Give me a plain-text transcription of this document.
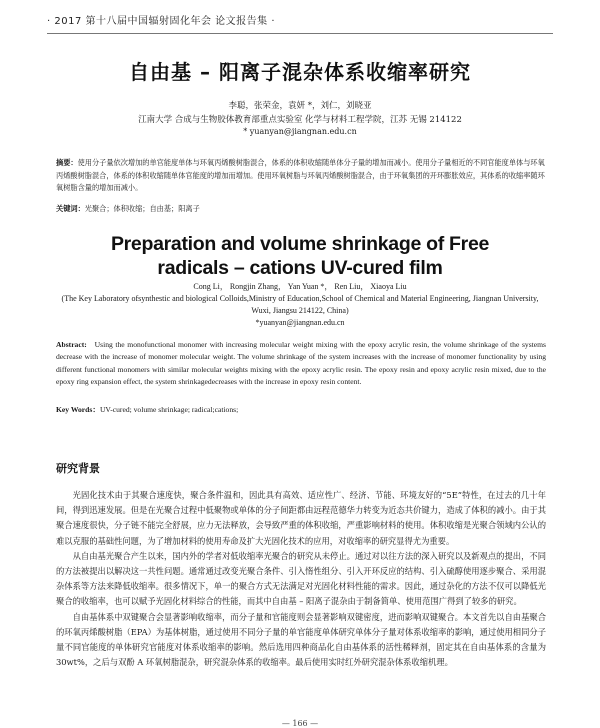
· 2017 第十八届中国辐射固化年会 论文报告集 ·
自由基 – 阳离子混杂体系收缩率研究
李聪，张荣金，袁妍 *，刘仁，刘晓亚
江南大学 合成与生物胶体教育部重点实验室 化学与材料工程学院，江苏 无锡 214122
* yuanyan@jiangnan.edu.cn
摘要：使用分子量依次增加的单官能度单体与环氧丙烯酸树脂混合，体系的体积收缩随单体分子量的增加而减小。使用分子量相近的不同官能度单体与环氧丙烯酸树脂混合，体系的体积收缩随单体官能度的增加而增加。使用环氧树脂与环氧丙烯酸树脂混合，由于环氧集团的开环膨胀效应，其体系的收缩率随环氧树脂含量的增加而减小。
关键词：光聚合；体积收缩；自由基；阳离子
Preparation and volume shrinkage of Free
radicals – cations UV-cured film
Cong Li， Rongjin Zhang， Yan Yuan *， Ren Liu， Xiaoya Liu
(The Key Laboratory ofsynthestic and biological Colloids,Ministry of Education,School of Chemical and Material Engineering, Jiangnan University, Wuxi, Jiangsu 214122, China)
*yuanyan@jiangnan.edu.cn
Abstract: Using the monofunctional monomer with increasing molecular weight mixing with the epoxy acrylic resin, the volume shrinkage of the systems decrease with the increase of monomer molecular weight. The volume shrinkage of the system increases with the increase of monomer functionality by using different functional monomers with similar molecular weights mixing with the epoxy acrylic resin. The epoxy resin and epoxy acrylic resin mixed, due to the epoxy ring expansion effect, the system shrinkagedecreases with the increase in epoxy resin content.
Key Words：UV-cured; volume shrinkage; radical;cations;
研究背景

光固化技术由于其聚合速度快，聚合条件温和，因此具有高效、适应性广、经济、节能、环境友好的“5E”特性，在过去的几十年间，得到迅速发展。但是在光聚合过程中低聚物或单体的分子间距都由远程范德华力转变为近态共价键力，造成了体积的减小。由于其聚合速度很快，分子链不能完全舒展，应力无法释放，会导致严重的体积收缩，严重影响材料的使用。体积收缩是光聚合领域内公认的难以克服的基础性问题，为了增加材料的使用寿命及扩大光固化技术的应用，对收缩率的研究显得尤为重要。

从自由基光聚合产生以来，国内外的学者对低收缩率光聚合的研究从未停止。通过对以往方法的深入研究以及新观点的提出，不同的方法被提出以解决这一共性问题。通常通过改变光聚合条件、引入惰性组分、引入开环反应的结构、引入硫醇使用逐步聚合、采用混杂体系等方法来降低收缩率。很多情况下，单一的聚合方式无法满足对光固化材料性能的需求。因此，通过杂化的方法不仅可以降低光聚合的收缩率，也可以赋予光固化材料综合的性能，而其中自由基 – 阳离子混杂由于制备简单、使用范围广得到了较多的研究。

自由基体系中双键聚合会显著影响收缩率，而分子量和官能度则会显著影响双键密度，进而影响双键聚合。本文首先以自由基聚合的环氧丙烯酸树脂（EPA）为基体树脂，通过使用不同分子量的单官能度单体研究单体分子量对体系收缩率的影响，通过使用相同分子量不同官能度的单体研究官能度对体系收缩率的影响。然后选用四种商品化自由基体系的活性稀释剂，固定其在自由基体系的含量为 30wt%，之后与双酚 A 环氧树脂混杂，研究混杂体系的收缩率。最后使用实时红外研究混杂体系收缩机理。

— 166 —
